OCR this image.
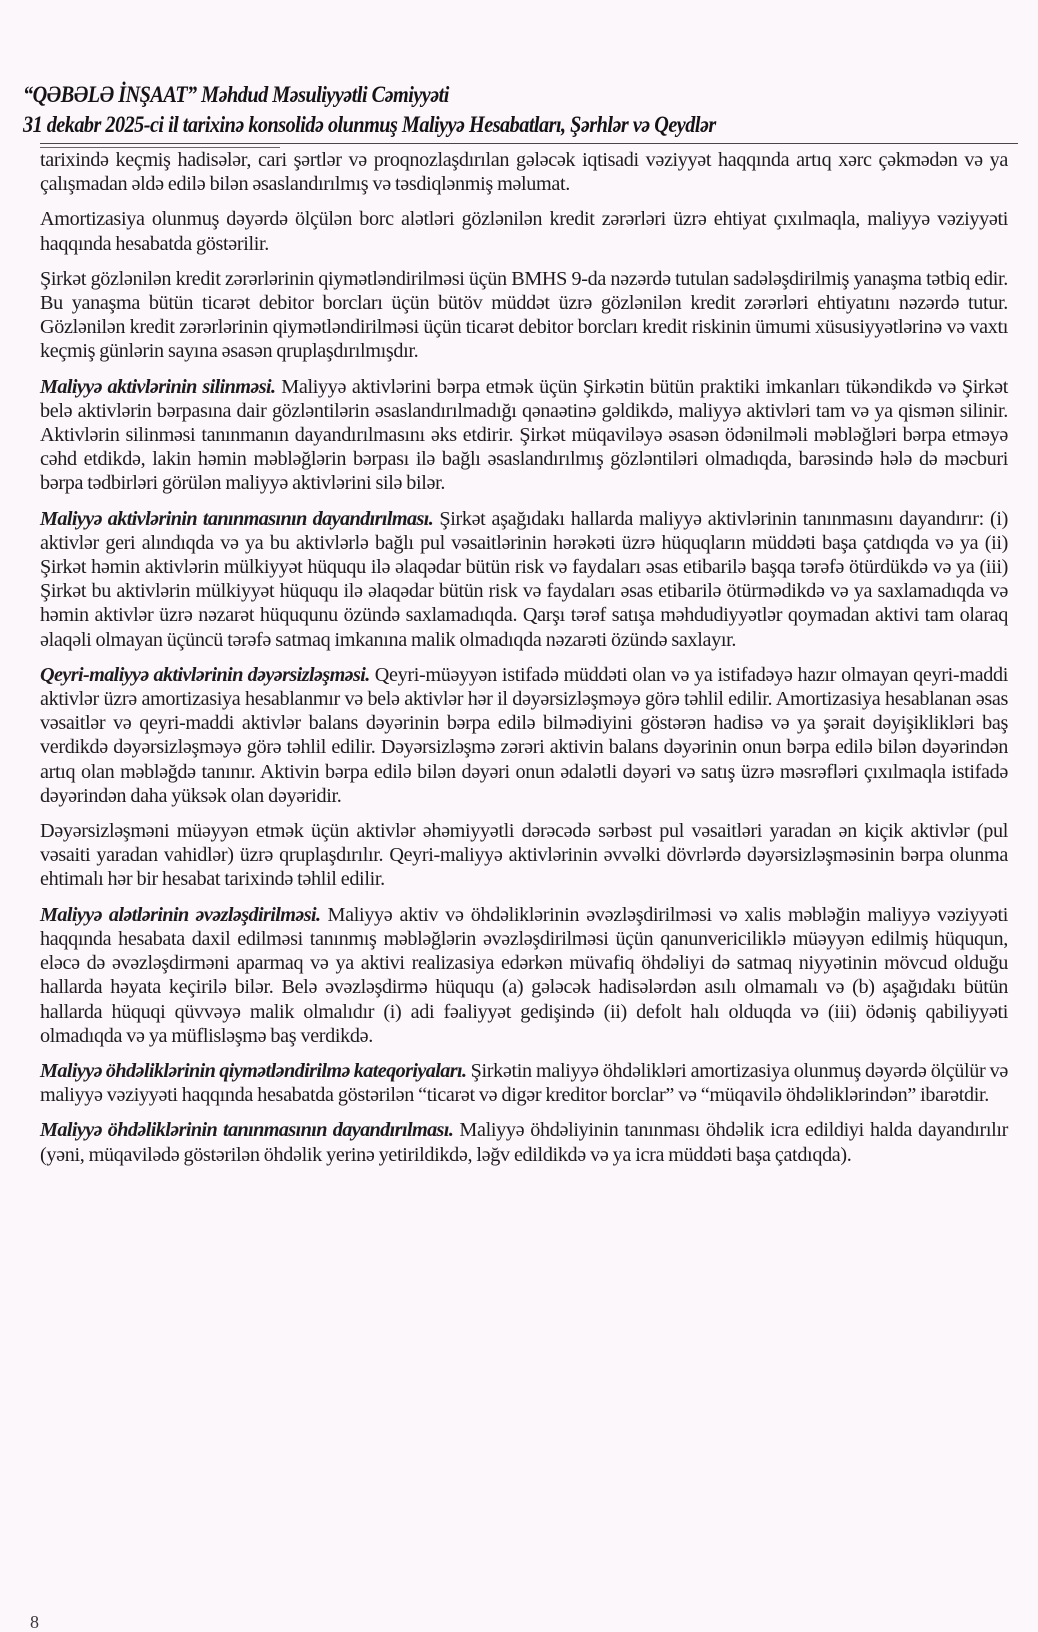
“QƏBƏLƏ İNŞAAT” Məhdud Məsuliyyətli Cəmiyyəti
31 dekabr 2025-ci il tarixinə konsolidə olunmuş Maliyyə Hesabatları, Şərhlər və Qeydlər

tarixində keçmiş hadisələr, cari şərtlər və proqnozlaşdırılan gələcək iqtisadi vəziyyət haqqında artıq xərc çəkmədən və ya çalışmadan əldə edilə bilən əsaslandırılmış və təsdiqlənmiş məlumat.

Amortizasiya olunmuş dəyərdə ölçülən borc alətləri gözlənilən kredit zərərləri üzrə ehtiyat çıxılmaqla, maliyyə vəziyyəti haqqında hesabatda göstərilir.

Şirkət gözlənilən kredit zərərlərinin qiymətləndirilməsi üçün BMHS 9-da nəzərdə tutulan sadələşdirilmiş yanaşma tətbiq edir. Bu yanaşma bütün ticarət debitor borcları üçün bütöv müddət üzrə gözlənilən kredit zərərləri ehtiyatını nəzərdə tutur. Gözlənilən kredit zərərlərinin qiymətləndirilməsi üçün ticarət debitor borcları kredit riskinin ümumi xüsusiyyətlərinə və vaxtı keçmiş günlərin sayına əsasən qruplaşdırılmışdır.

Maliyyə aktivlərinin silinməsi. Maliyyə aktivlərini bərpa etmək üçün Şirkətin bütün praktiki imkanları tükəndikdə və Şirkət belə aktivlərin bərpasına dair gözləntilərin əsaslandırılmadığı qənaətinə gəldikdə, maliyyə aktivləri tam və ya qismən silinir. Aktivlərin silinməsi tanınmanın dayandırılmasını əks etdirir. Şirkət müqaviləyə əsasən ödənilməli məbləğləri bərpa etməyə cəhd etdikdə, lakin həmin məbləğlərin bərpası ilə bağlı əsaslandırılmış gözləntiləri olmadıqda, barəsində hələ də məcburi bərpa tədbirləri görülən maliyyə aktivlərini silə bilər.

Maliyyə aktivlərinin tanınmasının dayandırılması. Şirkət aşağıdakı hallarda maliyyə aktivlərinin tanınmasını dayandırır: (i) aktivlər geri alındıqda və ya bu aktivlərlə bağlı pul vəsaitlərinin hərəkəti üzrə hüquqların müddəti başa çatdıqda və ya (ii) Şirkət həmin aktivlərin mülkiyyət hüququ ilə əlaqədar bütün risk və faydaları əsas etibarilə başqa tərəfə ötürdükdə və ya (iii) Şirkət bu aktivlərin mülkiyyət hüququ ilə əlaqədar bütün risk və faydaları əsas etibarilə ötürmədikdə və ya saxlamadıqda və həmin aktivlər üzrə nəzarət hüququnu özündə saxlamadıqda. Qarşı tərəf satışa məhdudiyyətlər qoymadan aktivi tam olaraq əlaqəli olmayan üçüncü tərəfə satmaq imkanına malik olmadıqda nəzarəti özündə saxlayır.

Qeyri-maliyyə aktivlərinin dəyərsizləşməsi. Qeyri-müəyyən istifadə müddəti olan və ya istifadəyə hazır olmayan qeyri-maddi aktivlər üzrə amortizasiya hesablanmır və belə aktivlər hər il dəyərsizləşməyə görə təhlil edilir. Amortizasiya hesablanan əsas vəsaitlər və qeyri-maddi aktivlər balans dəyərinin bərpa edilə bilmədiyini göstərən hadisə və ya şərait dəyişiklikləri baş verdikdə dəyərsizləşməyə görə təhlil edilir. Dəyərsizləşmə zərəri aktivin balans dəyərinin onun bərpa edilə bilən dəyərindən artıq olan məbləğdə tanınır. Aktivin bərpa edilə bilən dəyəri onun ədalətli dəyəri və satış üzrə məsrəfləri çıxılmaqla istifadə dəyərindən daha yüksək olan dəyəridir.

Dəyərsizləşməni müəyyən etmək üçün aktivlər əhəmiyyətli dərəcədə sərbəst pul vəsaitləri yaradan ən kiçik aktivlər (pul vəsaiti yaradan vahidlər) üzrə qruplaşdırılır. Qeyri-maliyyə aktivlərinin əvvəlki dövrlərdə dəyərsizləşməsinin bərpa olunma ehtimalı hər bir hesabat tarixində təhlil edilir.

Maliyyə alətlərinin əvəzləşdirilməsi. Maliyyə aktiv və öhdəliklərinin əvəzləşdirilməsi və xalis məbləğin maliyyə vəziyyəti haqqında hesabata daxil edilməsi tanınmış məbləğlərin əvəzləşdirilməsi üçün qanunvericiliklə müəyyən edilmiş hüququn, eləcə də əvəzləşdirməni aparmaq və ya aktivi realizasiya edərkən müvafiq öhdəliyi də satmaq niyyətinin mövcud olduğu hallarda həyata keçirilə bilər. Belə əvəzləşdirmə hüququ (a) gələcək hadisələrdən asılı olmamalı və (b) aşağıdakı bütün hallarda hüquqi qüvvəyə malik olmalıdır (i) adi fəaliyyət gedişində (ii) defolt halı olduqda və (iii) ödəniş qabiliyyəti olmadıqda və ya müflisləşmə baş verdikdə.

Maliyyə öhdəliklərinin qiymətləndirilmə kateqoriyaları. Şirkətin maliyyə öhdəlikləri amortizasiya olunmuş dəyərdə ölçülür və maliyyə vəziyyəti haqqında hesabatda göstərilən “ticarət və digər kreditor borclar” və “müqavilə öhdəliklərindən” ibarətdir.

Maliyyə öhdəliklərinin tanınmasının dayandırılması. Maliyyə öhdəliyinin tanınması öhdəlik icra edildiyi halda dayandırılır (yəni, müqavilədə göstərilən öhdəlik yerinə yetirildikdə, ləğv edildikdə və ya icra müddəti başa çatdıqda).

8
